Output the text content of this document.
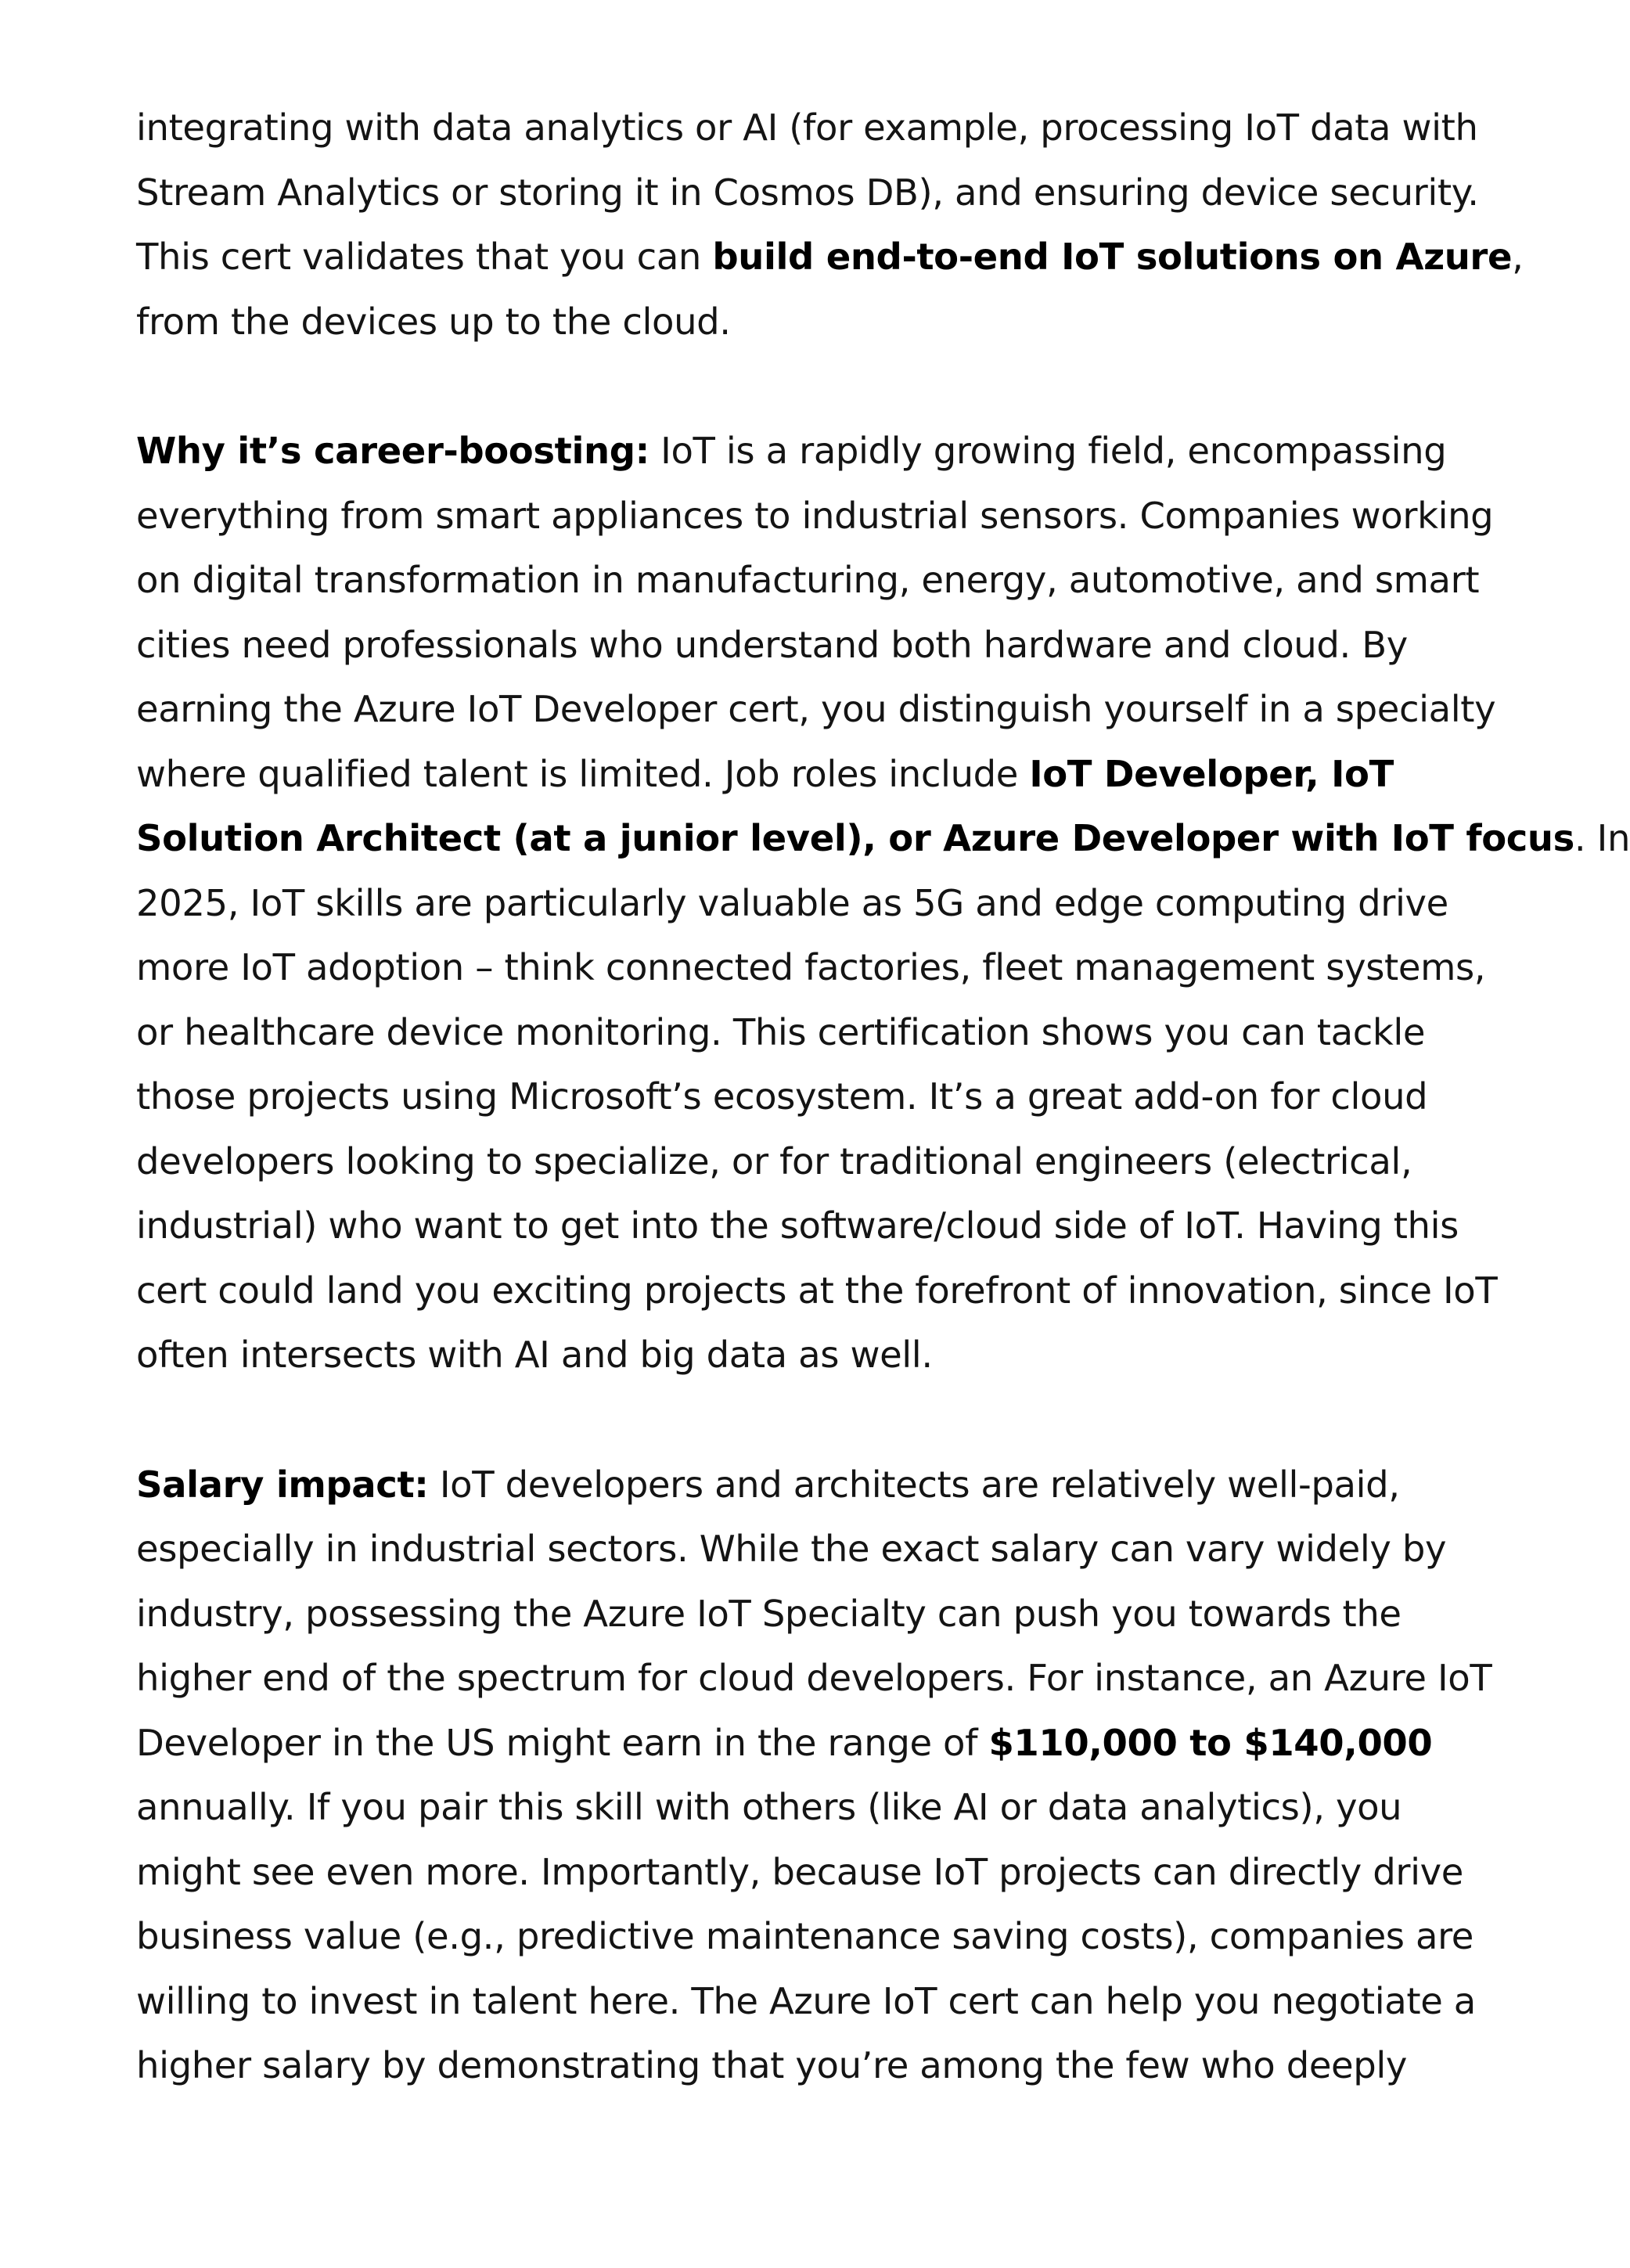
integrating with data analytics or AI (for example, processing IoT data with
Stream Analytics or storing it in Cosmos DB), and ensuring device security.
This cert validates that you can build end-to-end IoT solutions on Azure,
from the devices up to the cloud.

Why it’s career-boosting: IoT is a rapidly growing field, encompassing
everything from smart appliances to industrial sensors. Companies working
on digital transformation in manufacturing, energy, automotive, and smart
cities need professionals who understand both hardware and cloud. By
earning the Azure IoT Developer cert, you distinguish yourself in a specialty
where qualified talent is limited. Job roles include IoT Developer, IoT
Solution Architect (at a junior level), or Azure Developer with IoT focus. In
2025, IoT skills are particularly valuable as 5G and edge computing drive
more IoT adoption – think connected factories, fleet management systems,
or healthcare device monitoring. This certification shows you can tackle
those projects using Microsoft’s ecosystem. It’s a great add-on for cloud
developers looking to specialize, or for traditional engineers (electrical,
industrial) who want to get into the software/cloud side of IoT. Having this
cert could land you exciting projects at the forefront of innovation, since IoT
often intersects with AI and big data as well.

Salary impact: IoT developers and architects are relatively well-paid,
especially in industrial sectors. While the exact salary can vary widely by
industry, possessing the Azure IoT Specialty can push you towards the
higher end of the spectrum for cloud developers. For instance, an Azure IoT
Developer in the US might earn in the range of $110,000 to $140,000
annually. If you pair this skill with others (like AI or data analytics), you
might see even more. Importantly, because IoT projects can directly drive
business value (e.g., predictive maintenance saving costs), companies are
willing to invest in talent here. The Azure IoT cert can help you negotiate a
higher salary by demonstrating that you’re among the few who deeply
